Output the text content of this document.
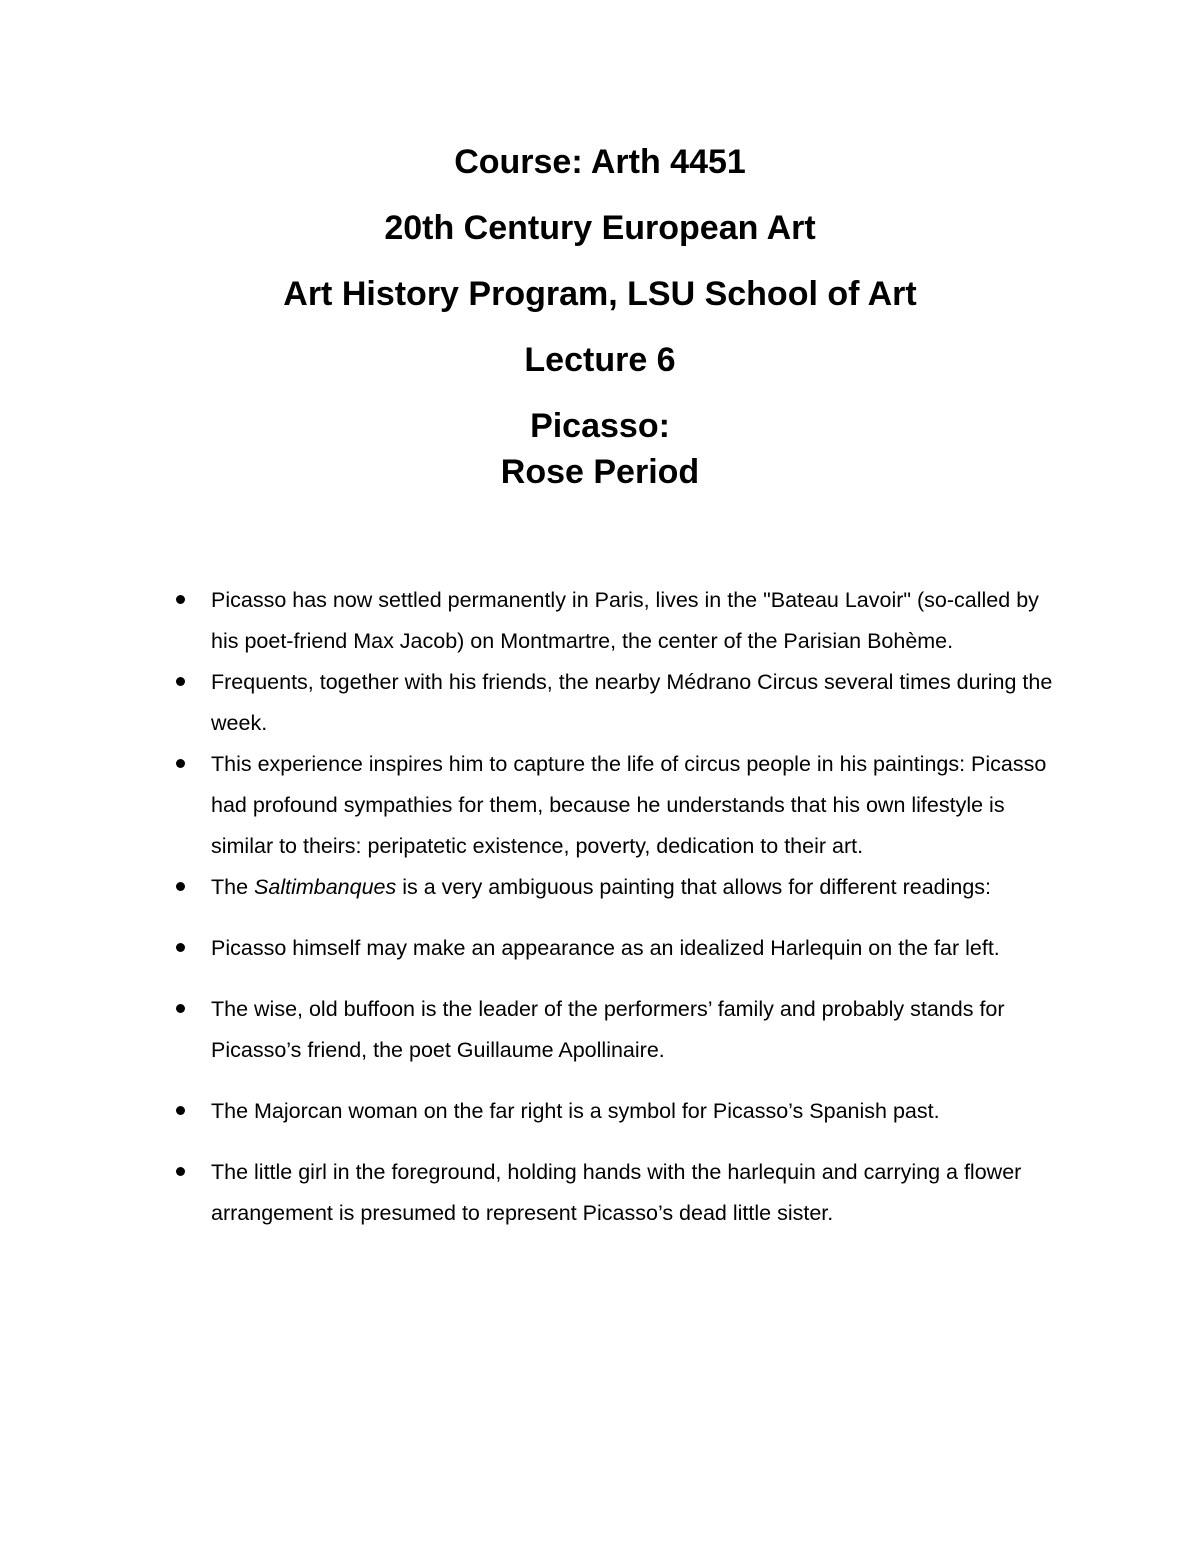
Course: Arth 4451
20th Century European Art
Art History Program, LSU School of Art
Lecture 6
Picasso:
Rose Period
Picasso has now settled permanently in Paris, lives in the "Bateau Lavoir" (so-called by his poet-friend Max Jacob) on Montmartre, the center of the Parisian Bohème.
Frequents, together with his friends, the nearby Médrano Circus several times during the week.
This experience inspires him to capture the life of circus people in his paintings: Picasso had profound sympathies for them, because he understands that his own lifestyle is similar to theirs: peripatetic existence, poverty, dedication to their art.
The Saltimbanques is a very ambiguous painting that allows for different readings:
Picasso himself may make an appearance as an idealized Harlequin on the far left.
The wise, old buffoon is the leader of the performers’ family and probably stands for Picasso’s friend, the poet Guillaume Apollinaire.
The Majorcan woman on the far right is a symbol for Picasso’s Spanish past.
The little girl in the foreground, holding hands with the harlequin and carrying a flower arrangement is presumed to represent Picasso’s dead little sister.
